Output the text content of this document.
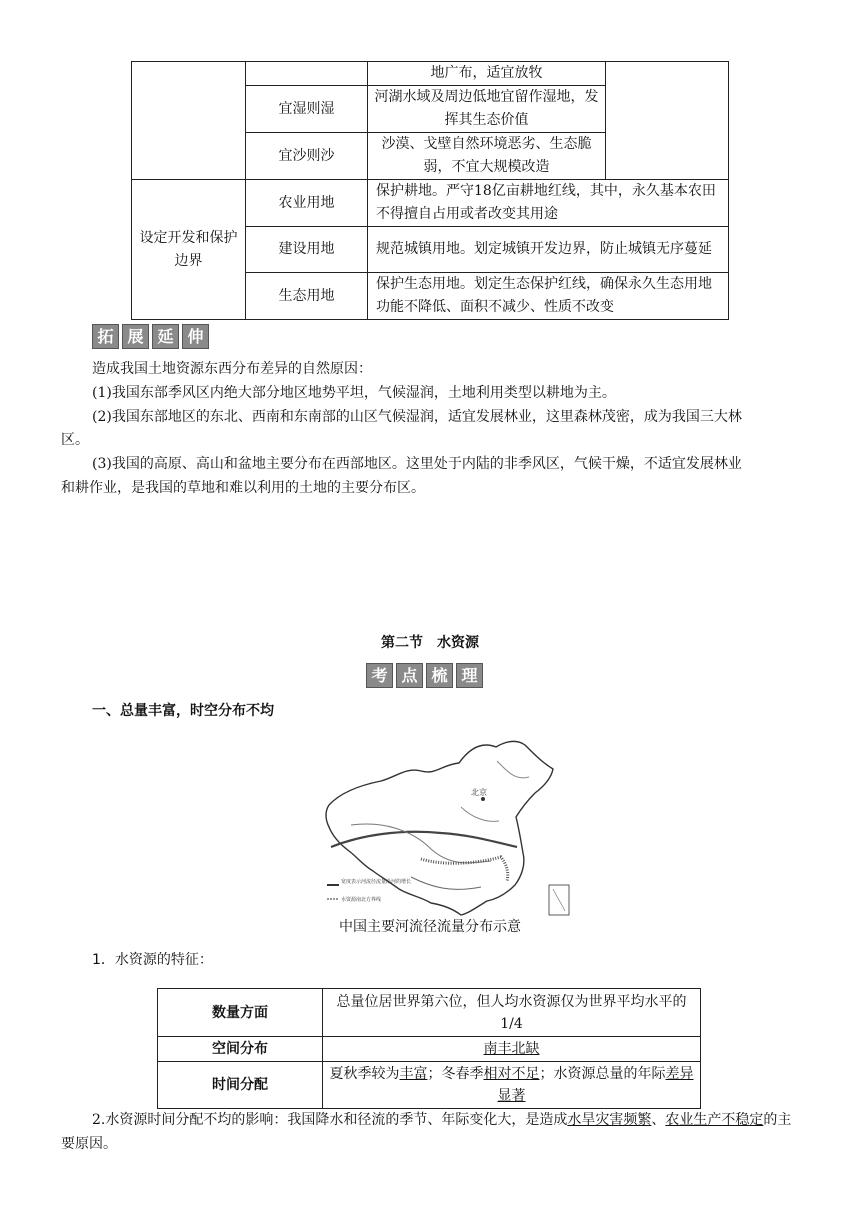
		地广布，适宜放牧	
	宜湿则湿	河湖水域及周边低地宜留作湿地，发挥其生态价值	
	宜沙则沙	沙漠、戈壁自然环境恶劣、生态脆弱，不宜大规模改造	
设定开发和保护边界	农业用地	保护耕地。严守18亿亩耕地红线，其中，永久基本农田不得擅自占用或者改变其用途	
	建设用地	规范城镇用地。划定城镇开发边界，防止城镇无序蔓延	
	生态用地	保护生态用地。划定生态保护红线，确保永久生态用地功能不降低、面积不减少、性质不改变	
拓 展 延 伸
造成我国土地资源东西分布差异的自然原因：
(1)我国东部季风区内绝大部分地区地势平坦，气候湿润，土地利用类型以耕地为主。
(2)我国东部地区的东北、西南和东南部的山区气候湿润，适宜发展林业，这里森林茂密，成为我国三大林
区。
(3)我国的高原、高山和盆地主要分布在西部地区。这里处于内陆的非季风区，气候干燥，不适宜发展林业
和耕作业，是我国的草地和难以利用的土地的主要分布区。
第二节　水资源
考 点 梳 理
一、总量丰富，时空分布不均
北京
宽度表示河流径流量沿河的增长
水资源南北方界线
中国主要河流径流量分布示意
1．水资源的特征：
数量方面	总量位居世界第六位，但人均水资源仅为世界平均水平的1/4
空间分布	南丰北缺
时间分配	夏秋季较为丰富；冬春季相对不足；水资源总量的年际差异显著
2.水资源时间分配不均的影响：我国降水和径流的季节、年际变化大，是造成水旱灾害频繁、农业生产不稳定的主要原因。
